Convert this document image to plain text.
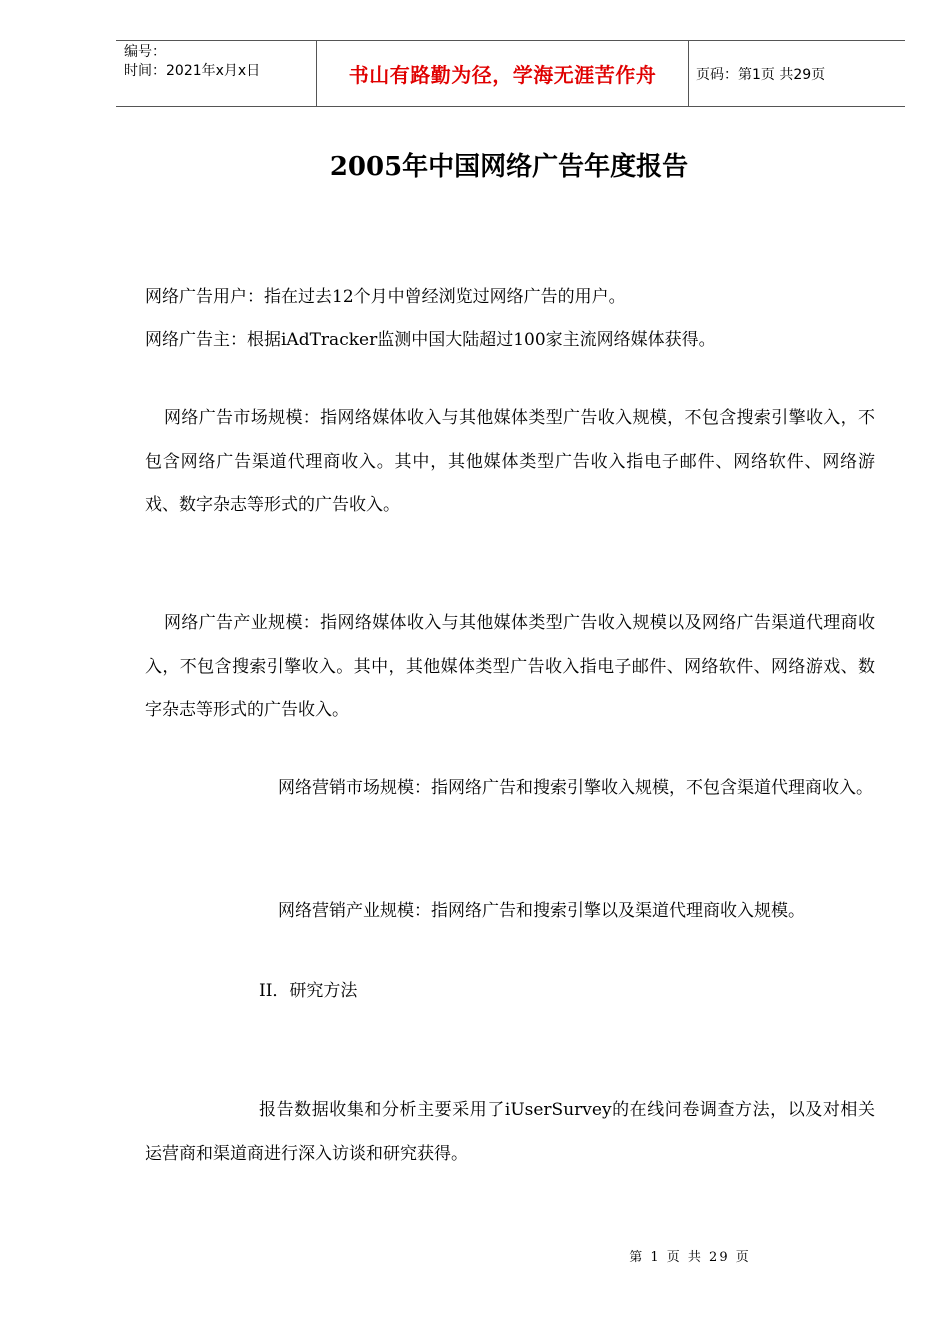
编号：
时间：2021年x月x日	书山有路勤为径，学海无涯苦作舟	页码：第1页 共29页
2005年中国网络广告年度报告
网络广告用户：指在过去12个月中曾经浏览过网络广告的用户。
网络广告主：根据iAdTracker监测中国大陆超过100家主流网络媒体获得。
网络广告市场规模：指网络媒体收入与其他媒体类型广告收入规模，不包含搜索引擎收入，不包含网络广告渠道代理商收入。其中，其他媒体类型广告收入指电子邮件、网络软件、网络游戏、数字杂志等形式的广告收入。
网络广告产业规模：指网络媒体收入与其他媒体类型广告收入规模以及网络广告渠道代理商收入，不包含搜索引擎收入。其中，其他媒体类型广告收入指电子邮件、网络软件、网络游戏、数字杂志等形式的广告收入。
网络营销市场规模：指网络广告和搜索引擎收入规模，不包含渠道代理商收入。
网络营销产业规模：指网络广告和搜索引擎以及渠道代理商收入规模。
II．研究方法
报告数据收集和分析主要采用了iUserSurvey的在线问卷调查方法，以及对相关运营商和渠道商进行深入访谈和研究获得。
第 1 页 共 29 页
